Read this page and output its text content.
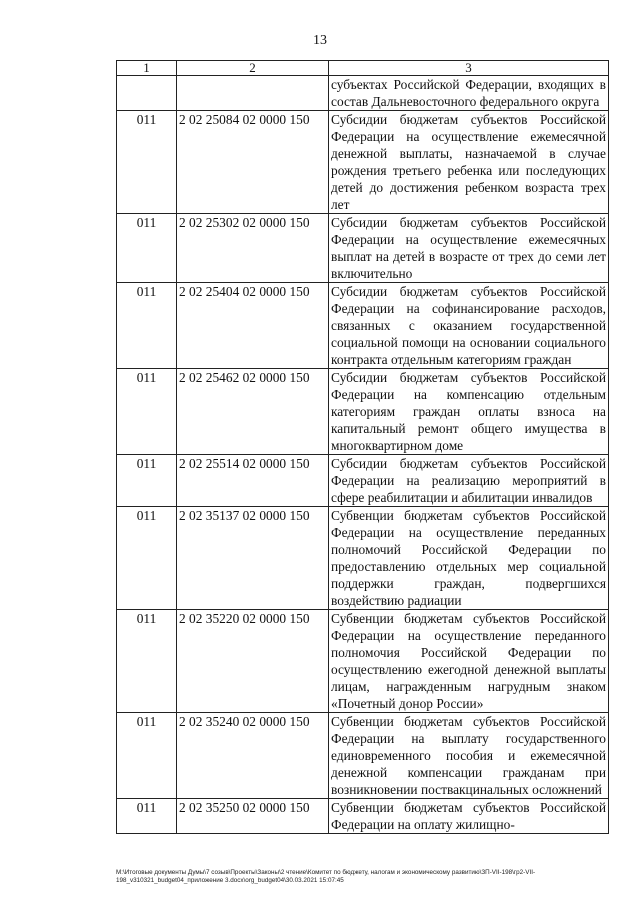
13
1	2	3
		субъектах Российской Федерации, входящих в состав Дальневосточного федерального округа
011	2 02 25084 02 0000 150	Субсидии бюджетам субъектов Российской Федерации на осуществление ежемесячной денежной выплаты, назначаемой в случае рождения третьего ребенка или последующих детей до достижения ребенком возраста трех лет
011	2 02 25302 02 0000 150	Субсидии бюджетам субъектов Российской Федерации на осуществление ежемесячных выплат на детей в возрасте от трех до семи лет включительно
011	2 02 25404 02 0000 150	Субсидии бюджетам субъектов Российской Федерации на софинансирование расходов, связанных с оказанием государственной социальной помощи на основании социального контракта отдельным категориям граждан
011	2 02 25462 02 0000 150	Субсидии бюджетам субъектов Российской Федерации на компенсацию отдельным категориям граждан оплаты взноса на капитальный ремонт общего имущества в многоквартирном доме
011	2 02 25514 02 0000 150	Субсидии бюджетам субъектов Российской Федерации на реализацию мероприятий в сфере реабилитации и абилитации инвалидов
011	2 02 35137 02 0000 150	Субвенции бюджетам субъектов Российской Федерации на осуществление переданных полномочий Российской Федерации по предоставлению отдельных мер социальной поддержки граждан, подвергшихся воздействию радиации
011	2 02 35220 02 0000 150	Субвенции бюджетам субъектов Российской Федерации на осуществление переданного полномочия Российской Федерации по осуществлению ежегодной денежной выплаты лицам, награжденным нагрудным знаком «Почетный донор России»
011	2 02 35240 02 0000 150	Субвенции бюджетам субъектов Российской Федерации на выплату государственного единовременного пособия и ежемесячной денежной компенсации гражданам при возникновении поствакцинальных осложнений
011	2 02 35250 02 0000 150	Субвенции бюджетам субъектов Российской Федерации на оплату жилищно-
M:\Итоговые документы Думы\7 созыв\Проекты\Законы\2 чтение\Комитет по бюджету, налогам и экономическому развитию\ЗП-VII-198\гр2-VII-
198_v310321_budget04_приложение 3.docx\org_budget04\30.03.2021 15:07:45
